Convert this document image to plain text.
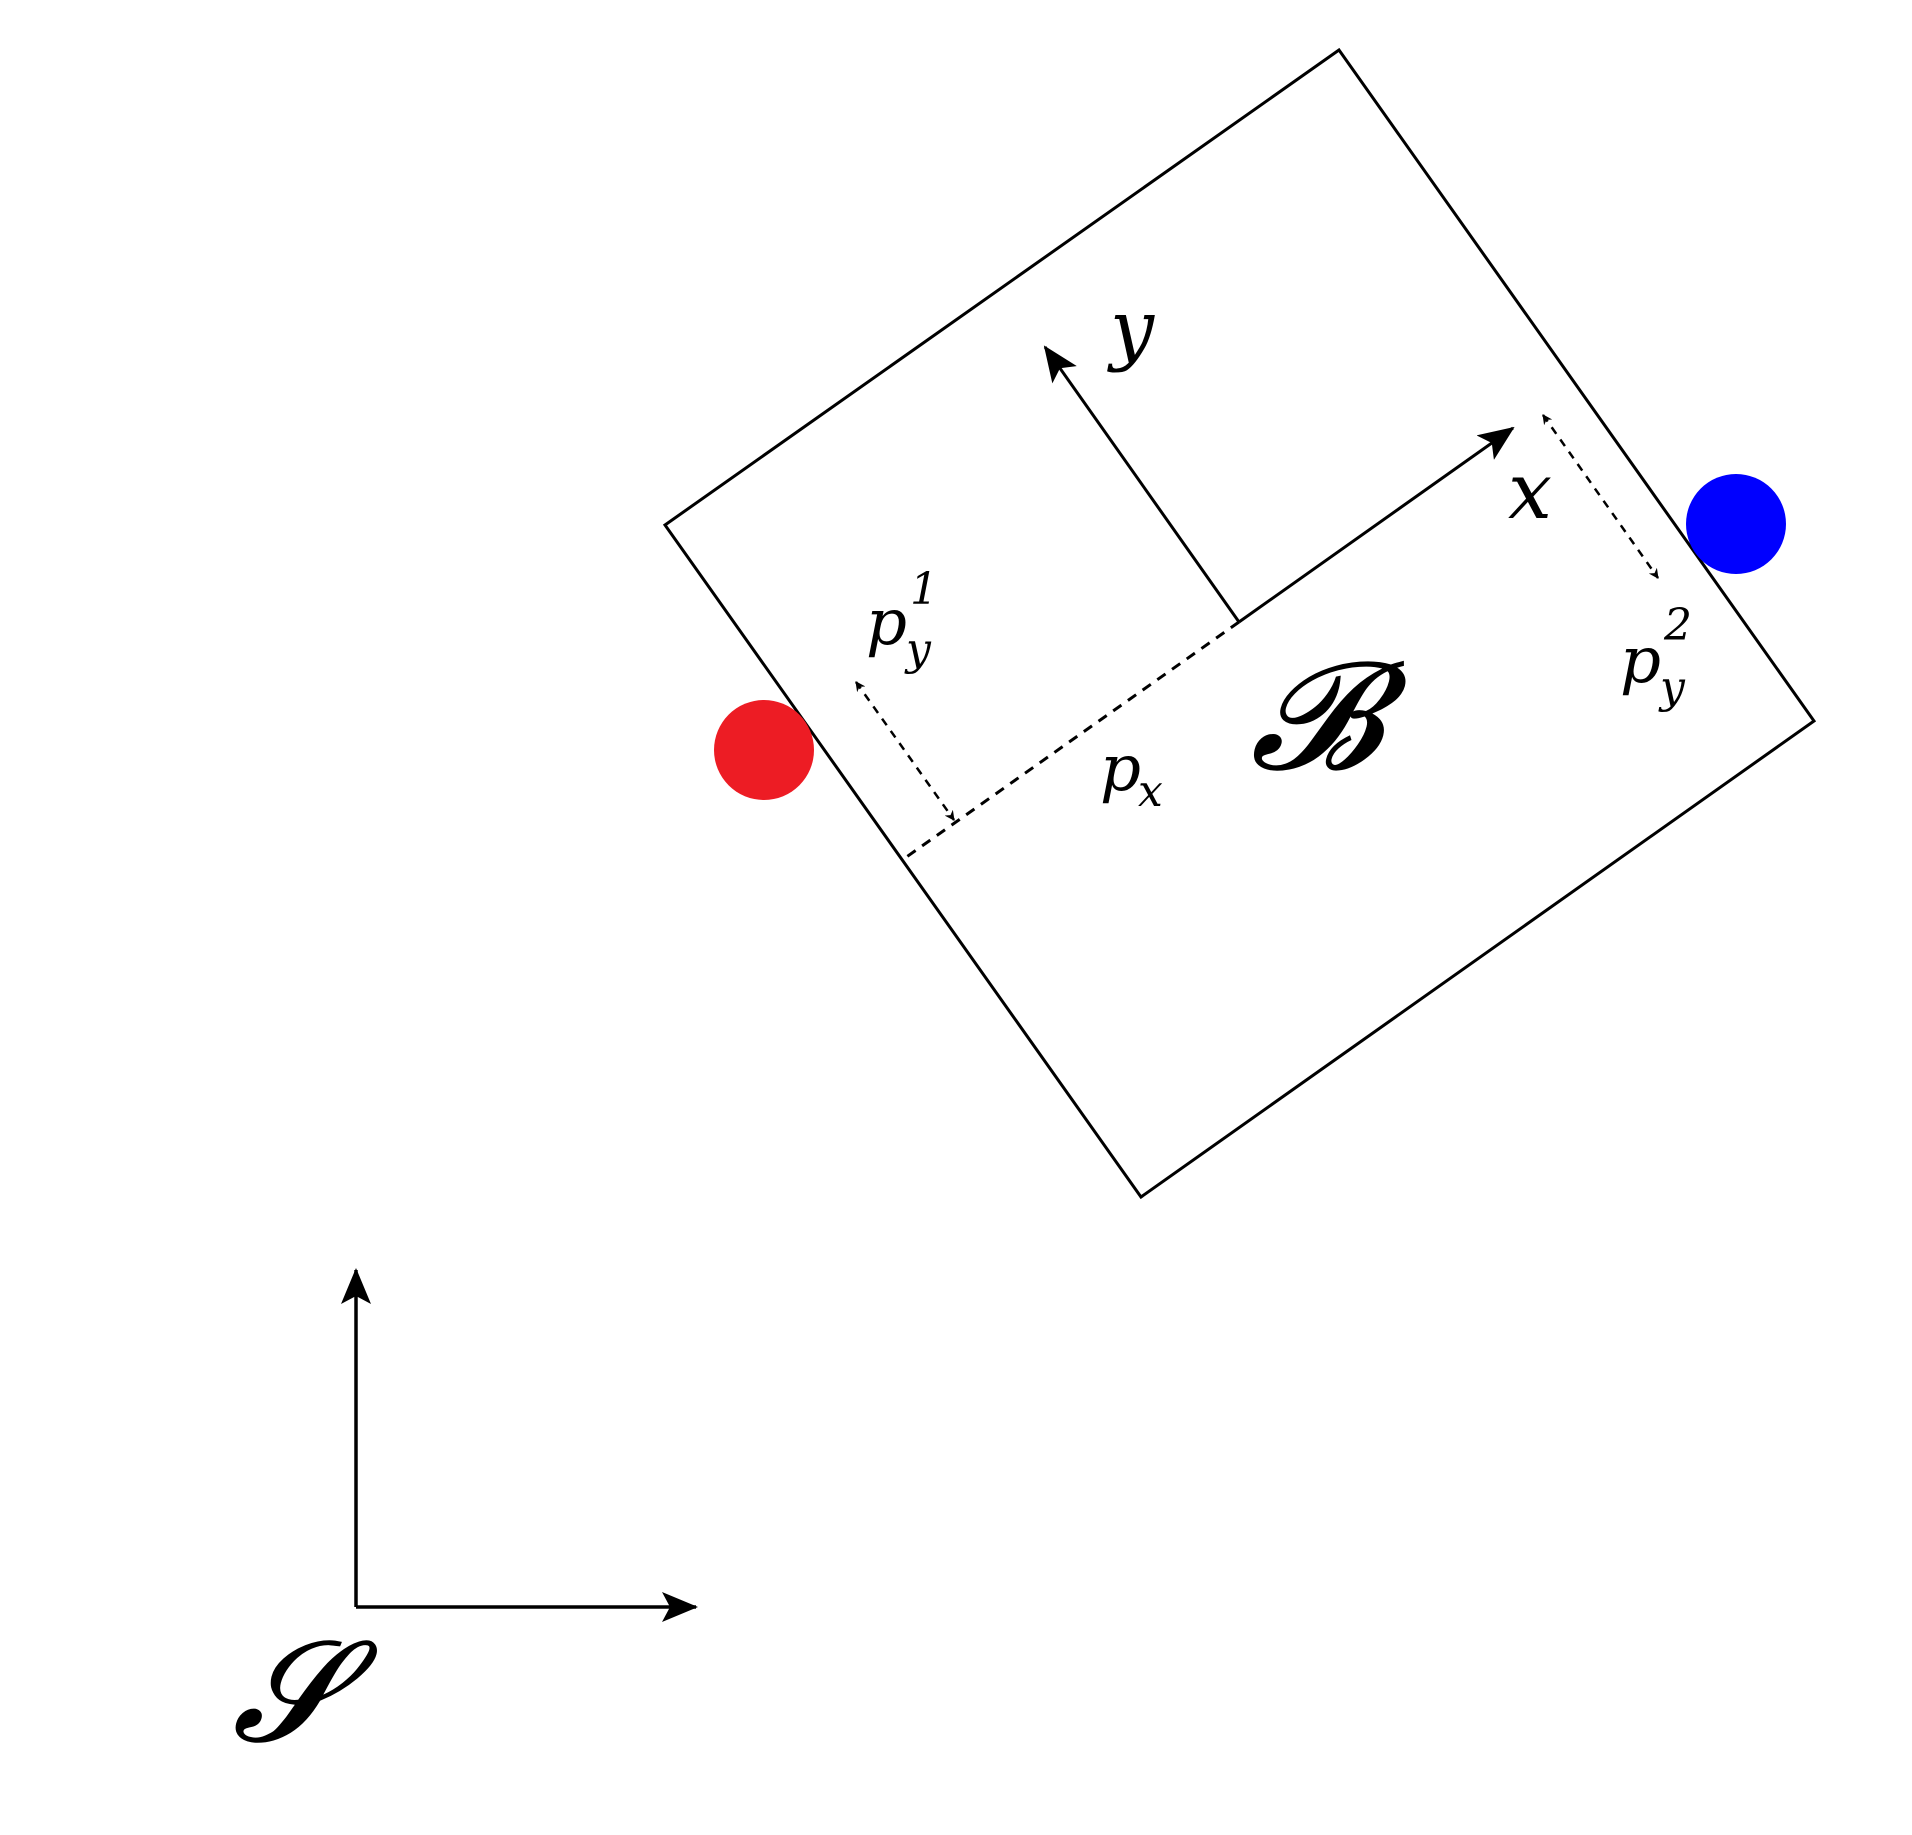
y
x
𝓑
𝓢
p
x
p 1
y	p 2
y
